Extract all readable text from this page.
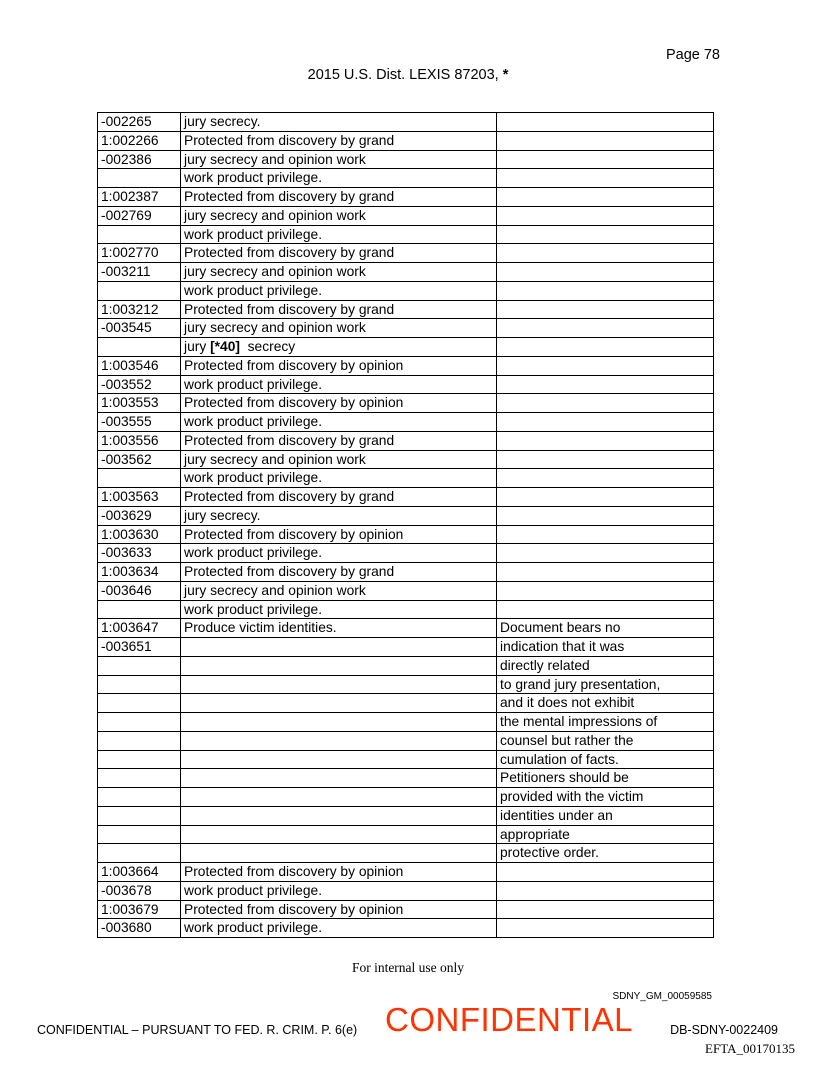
Page 78
2015 U.S. Dist. LEXIS 87203, *
-002265	jury secrecy.	
1:002266	Protected from discovery by grand	
-002386	jury secrecy and opinion work	
	work product privilege.	
1:002387	Protected from discovery by grand	
-002769	jury secrecy and opinion work	
	work product privilege.	
1:002770	Protected from discovery by grand	
-003211	jury secrecy and opinion work	
	work product privilege.	
1:003212	Protected from discovery by grand	
-003545	jury secrecy and opinion work	
	jury [*40]  secrecy	
1:003546	Protected from discovery by opinion	
-003552	work product privilege.	
1:003553	Protected from discovery by opinion	
-003555	work product privilege.	
1:003556	Protected from discovery by grand	
-003562	jury secrecy and opinion work	
	work product privilege.	
1:003563	Protected from discovery by grand	
-003629	jury secrecy.	
1:003630	Protected from discovery by opinion	
-003633	work product privilege.	
1:003634	Protected from discovery by grand	
-003646	jury secrecy and opinion work	
	work product privilege.	
1:003647	Produce victim identities.	Document bears no
-003651		indication that it was
		directly related
		to grand jury presentation,
		and it does not exhibit
		the mental impressions of
		counsel but rather the
		cumulation of facts.
		Petitioners should be
		provided with the victim
		identities under an
		appropriate
		protective order.
1:003664	Protected from discovery by opinion	
-003678	work product privilege.	
1:003679	Protected from discovery by opinion	
-003680	work product privilege.	
For internal use only
SDNY_GM_00059585
CONFIDENTIAL – PURSUANT TO FED. R. CRIM. P. 6(e) CONFIDENTIAL	DB-SDNY-0022409
EFTA_00170135
